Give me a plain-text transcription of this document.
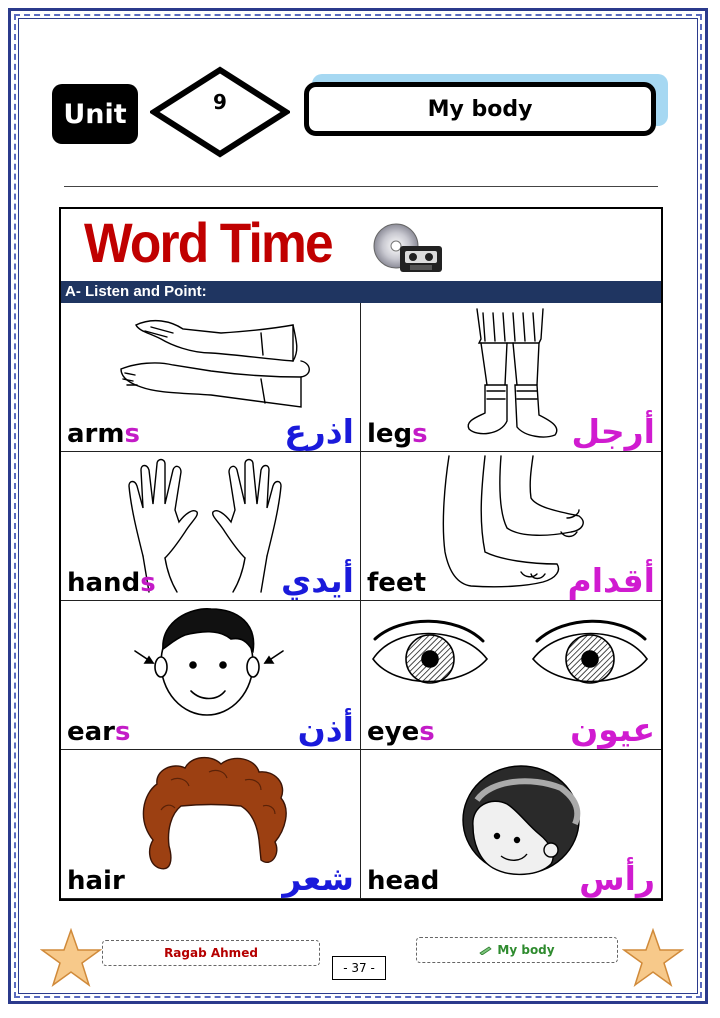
Unit	9	My body
Word Time
A- Listen and Point:
arms	اذرع legs	أرجل
hands	أيدي feet	أقدام
ears	أذن eyes	عيون
hair	شعر head	رأس
Ragab Ahmed
- 37 -
My body
